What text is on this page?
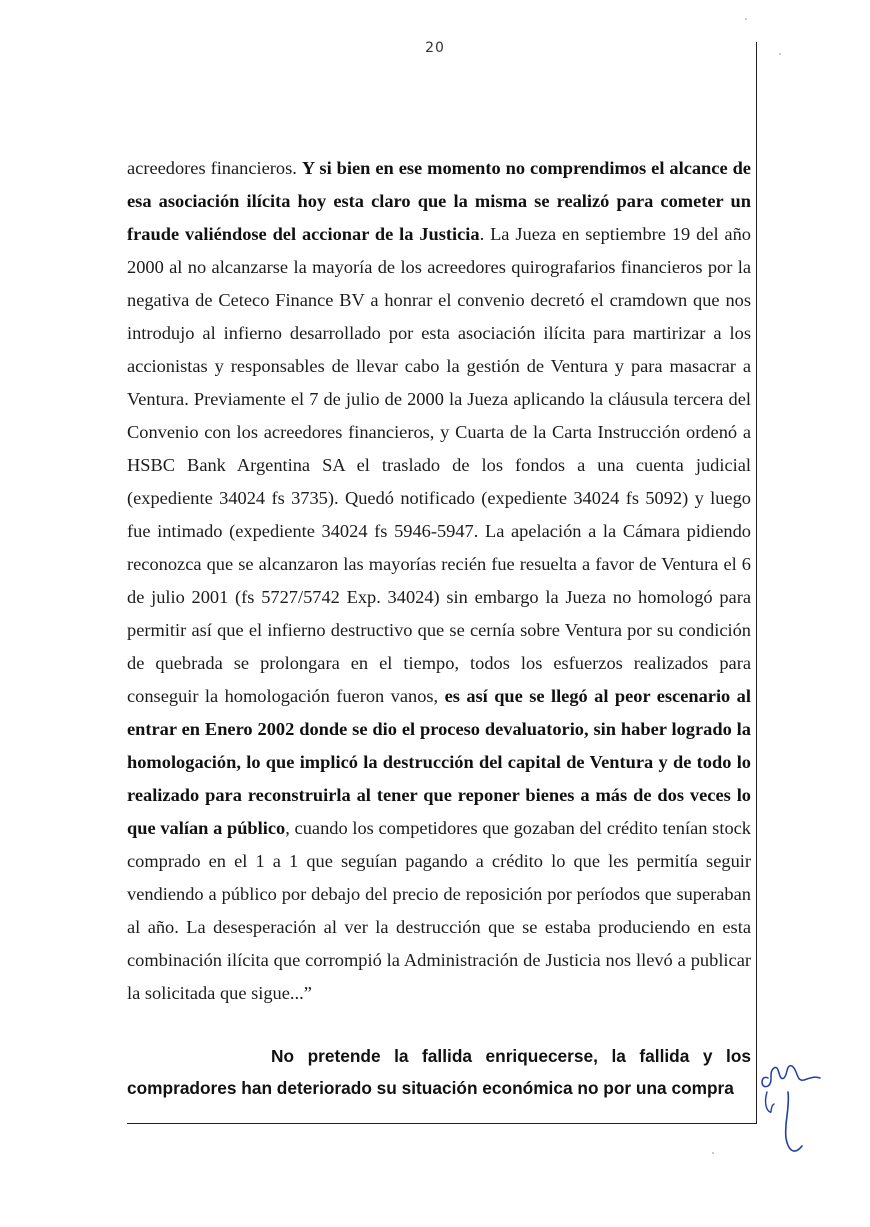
20

acreedores financieros. Y si bien en ese momento no comprendimos el alcance de esa asociación ilícita hoy esta claro que la misma se realizó para cometer un fraude valiéndose del accionar de la Justicia. La Jueza en septiembre 19 del año 2000 al no alcanzarse la mayoría de los acreedores quirografarios financieros por la negativa de Ceteco Finance BV a honrar el convenio decretó el cramdown que nos introdujo al infierno desarrollado por esta asociación ilícita para martirizar a los accionistas y responsables de llevar cabo la gestión de Ventura y para masacrar a Ventura. Previamente el 7 de julio de 2000 la Jueza aplicando la cláusula tercera del Convenio con los acreedores financieros, y Cuarta de la Carta Instrucción ordenó a HSBC Bank Argentina SA el traslado de los fondos a una cuenta judicial (expediente 34024 fs 3735). Quedó notificado (expediente 34024 fs 5092) y luego fue intimado (expediente 34024 fs 5946-5947. La apelación a la Cámara pidiendo reconozca que se alcanzaron las mayorías recién fue resuelta a favor de Ventura el 6 de julio 2001 (fs 5727/5742 Exp. 34024) sin embargo la Jueza no homologó para permitir así que el infierno destructivo que se cernía sobre Ventura por su condición de quebrada se prolongara en el tiempo, todos los esfuerzos realizados para conseguir la homologación fueron vanos, es así que se llegó al peor escenario al entrar en Enero 2002 donde se dio el proceso devaluatorio, sin haber logrado la homologación, lo que implicó la destrucción del capital de Ventura y de todo lo realizado para reconstruirla al tener que reponer bienes a más de dos veces lo que valían a público, cuando los competidores que gozaban del crédito tenían stock comprado en el 1 a 1 que seguían pagando a crédito lo que les permitía seguir vendiendo a público por debajo del precio de reposición por períodos que superaban al año. La desesperación al ver la destrucción que se estaba produciendo en esta combinación ilícita que corrompió la Administración de Justicia nos llevó a publicar la solicitada que sigue...”

No pretende la fallida enriquecerse, la fallida y los compradores han deteriorado su situación económica no por una compra
